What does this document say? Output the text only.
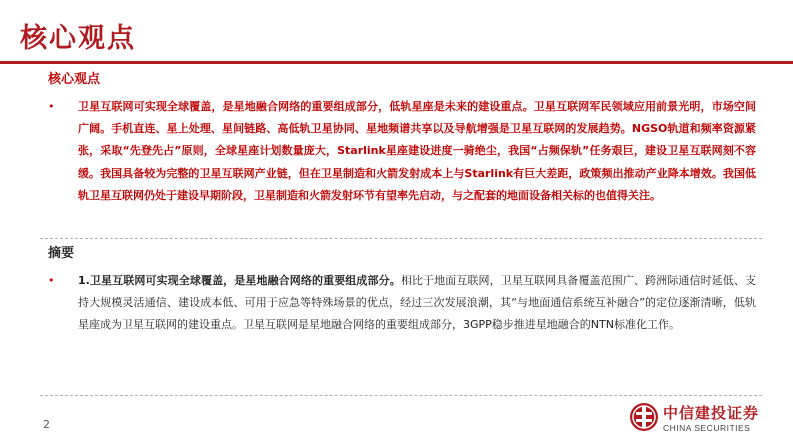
核心观点
核心观点
• 卫星互联网可实现全球覆盖，是星地融合网络的重要组成部分，低轨星座是未来的建设重点。卫星互联网军民领域应用前景光明，市场空间广阔。手机直连、星上处理、星间链路、高低轨卫星协同、星地频谱共享以及导航增强是卫星互联网的发展趋势。NGSO轨道和频率资源紧张，采取“先登先占”原则，全球星座计划数量庞大，Starlink星座建设进度一骑绝尘，我国“占频保轨”任务艰巨，建设卫星互联网刻不容缓。我国具备较为完整的卫星互联网产业链，但在卫星制造和火箭发射成本上与Starlink有巨大差距，政策频出推动产业降本增效。我国低轨卫星互联网仍处于建设早期阶段，卫星制造和火箭发射环节有望率先启动，与之配套的地面设备相关标的也值得关注。
摘要
• 1.卫星互联网可实现全球覆盖，是星地融合网络的重要组成部分。相比于地面互联网，卫星互联网具备覆盖范围广、跨洲际通信时延低、支持大规模灵活通信、建设成本低、可用于应急等特殊场景的优点，经过三次发展浪潮，其“与地面通信系统互补融合”的定位逐渐清晰，低轨星座成为卫星互联网的建设重点。卫星互联网是星地融合网络的重要组成部分，3GPP稳步推进星地融合的NTN标准化工作。
2
中信建投证券
CHINA SECURITIES
